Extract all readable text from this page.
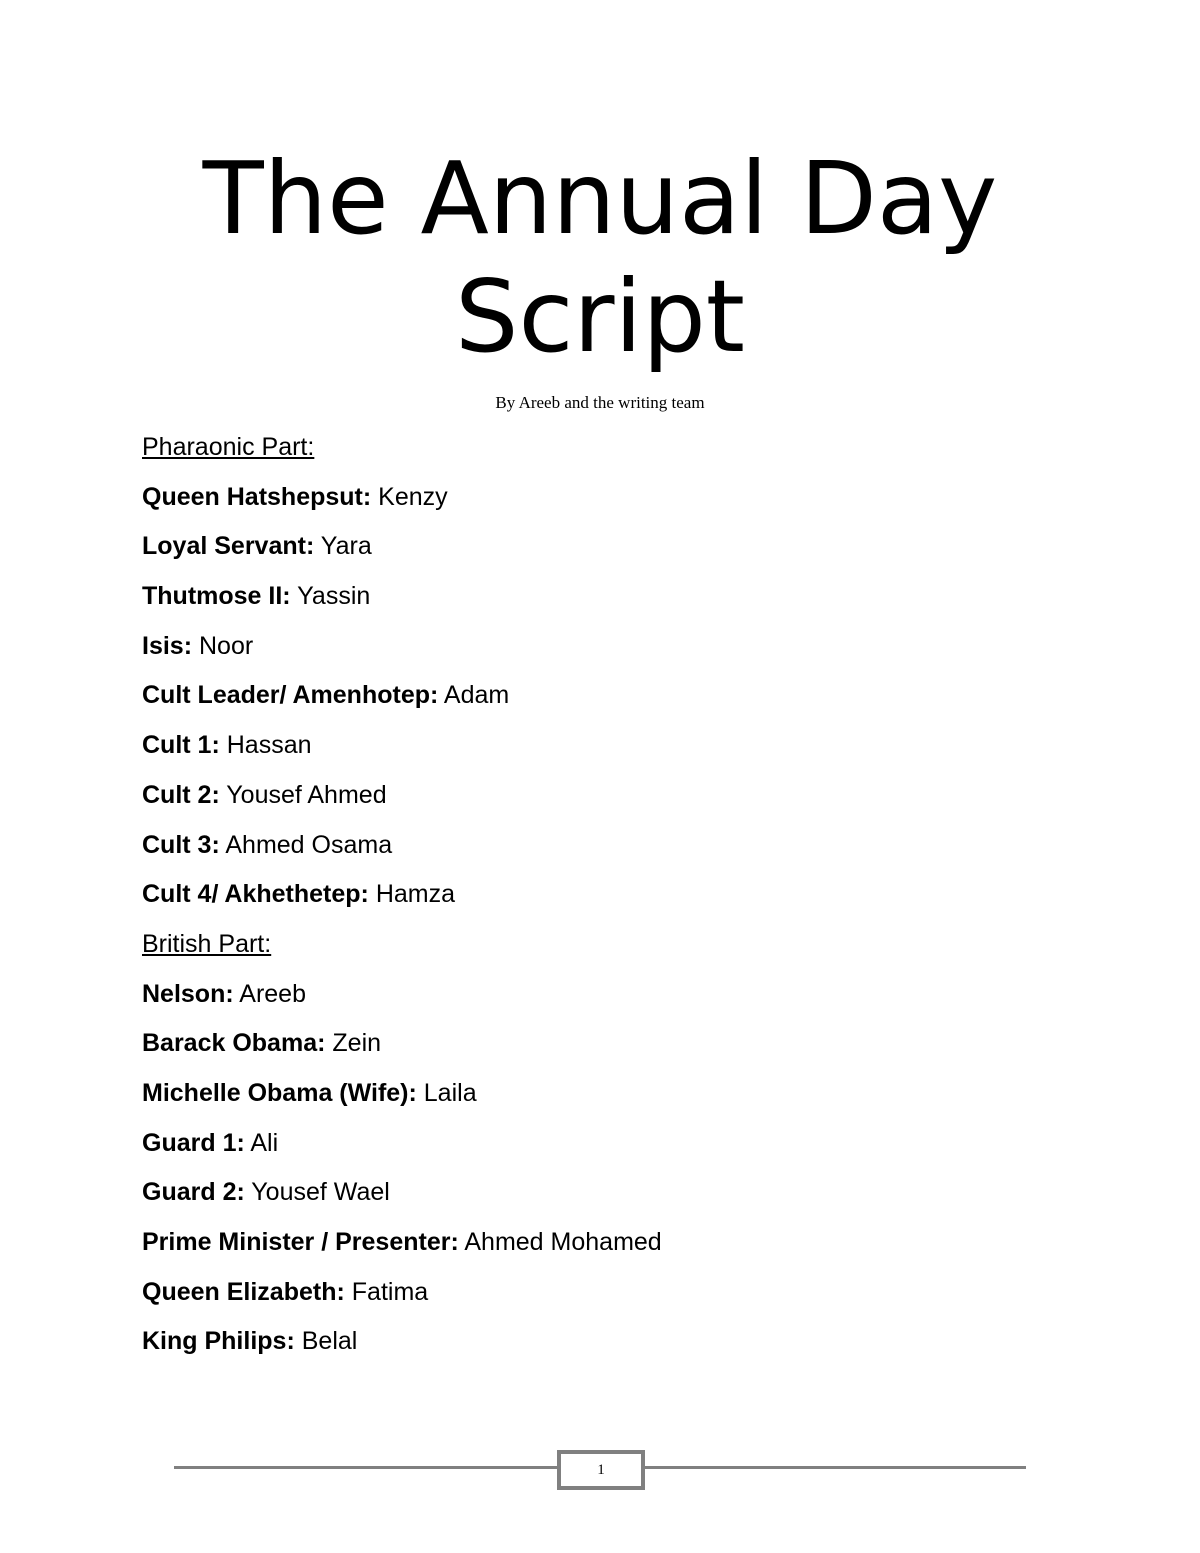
The Annual Day
Script
By Areeb and the writing team
Pharaonic Part:
Queen Hatshepsut: Kenzy
Loyal Servant: Yara
Thutmose II: Yassin
Isis: Noor
Cult Leader/ Amenhotep: Adam
Cult 1: Hassan
Cult 2: Yousef Ahmed
Cult 3: Ahmed Osama
Cult 4/ Akhethetep: Hamza
British Part:
Nelson: Areeb
Barack Obama: Zein
Michelle Obama (Wife): Laila
Guard 1: Ali
Guard 2: Yousef Wael
Prime Minister / Presenter: Ahmed Mohamed
Queen Elizabeth: Fatima
King Philips: Belal
1
